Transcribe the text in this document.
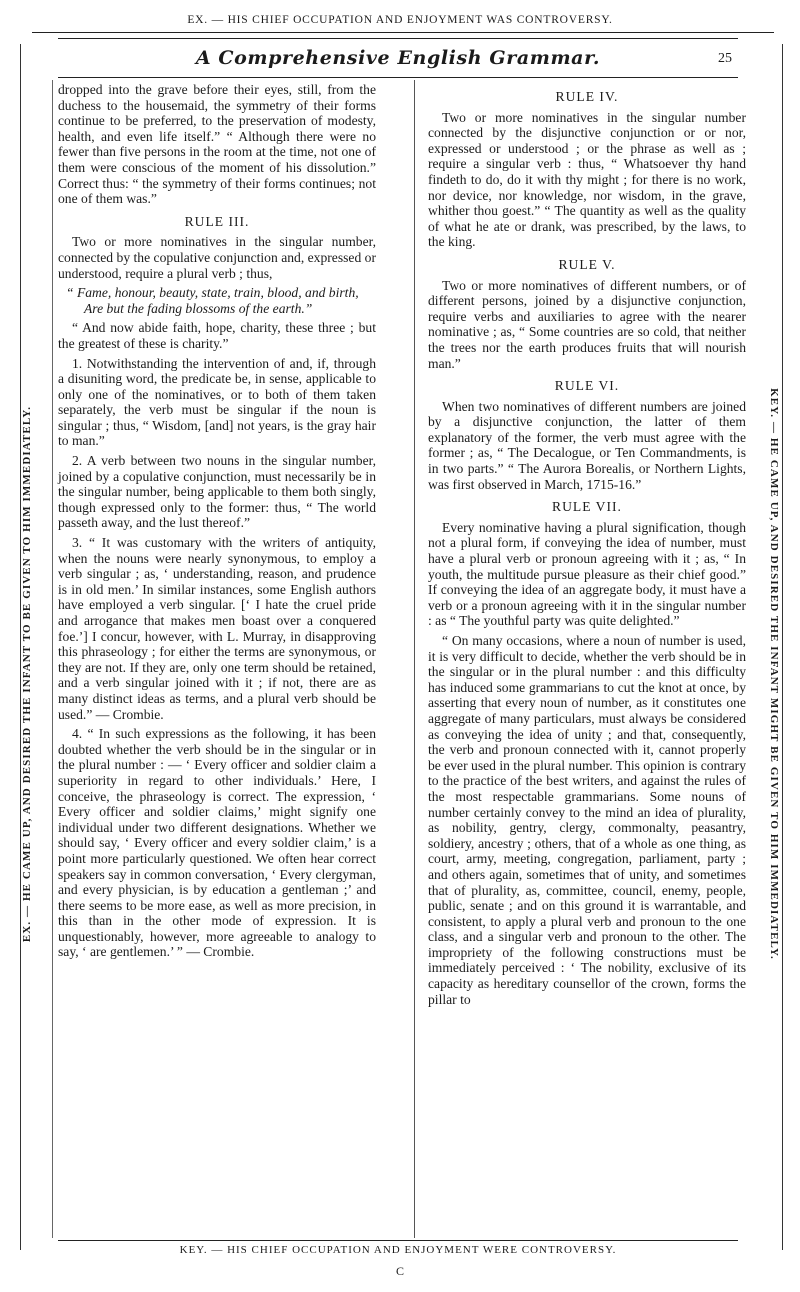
EX. — HIS CHIEF OCCUPATION AND ENJOYMENT WAS CONTROVERSY.
EX. — HE CAME UP, AND DESIRED THE INFANT TO BE GIVEN TO HIM IMMEDIATELY.	KEY. — HE CAME UP, AND DESIRED THE INFANT MIGHT BE GIVEN TO HIM IMMEDIATELY.
A Comprehensive English Grammar.	25

dropped into the grave before their eyes, still, from the duchess to the housemaid, the symmetry of their forms continue to be preferred, to the preservation of modesty, health, and even life itself.” “ Although there were no fewer than five persons in the room at the time, not one of them were conscious of the moment of his dissolution.” Correct thus: “ the symmetry of their forms continues; not one of them was.”

RULE III.

Two or more nominatives in the singular number, connected by the copulative conjunction and, expressed or understood, require a plural verb ; thus,

“ Fame, honour, beauty, state, train, blood, and birth,

Are but the fading blossoms of the earth.”

“ And now abide faith, hope, charity, these three ; but the greatest of these is charity.”

1. Notwithstanding the intervention of and, if, through a disuniting word, the predicate be, in sense, applicable to only one of the nominatives, or to both of them taken separately, the verb must be singular if the noun is singular ; thus, “ Wisdom, [and] not years, is the gray hair to man.”

2. A verb between two nouns in the singular number, joined by a copulative conjunction, must necessarily be in the singular number, being applicable to them both singly, though expressed only to the former: thus, “ The world passeth away, and the lust thereof.”

3. “ It was customary with the writers of antiquity, when the nouns were nearly synonymous, to employ a verb singular ; as, ‘ understanding, reason, and prudence is in old men.’ In similar instances, some English authors have employed a verb singular. [‘ I hate the cruel pride and arrogance that makes men boast over a conquered foe.’] I concur, however, with L. Murray, in disapproving this phraseology ; for either the terms are synonymous, or they are not. If they are, only one term should be retained, and a verb singular joined with it ; if not, there are as many distinct ideas as terms, and a plural verb should be used.” — Crombie.

4. “ In such expressions as the following, it has been doubted whether the verb should be in the singular or in the plural number : — ‘ Every officer and soldier claim a superiority in regard to other individuals.’ Here, I conceive, the phraseology is correct. The expression, ‘ Every officer and soldier claims,’ might signify one individual under two different designations. Whether we should say, ‘ Every officer and every soldier claim,’ is a point more particularly questioned. We often hear correct speakers say in common conversation, ‘ Every clergyman, and every physician, is by education a gentleman ;’ and there seems to be more ease, as well as more precision, in this than in the other mode of expression. It is unquestionably, however, more agreeable to analogy to say, ‘ are gentlemen.’ ” — Crombie.

RULE IV.

Two or more nominatives in the singular number connected by the disjunctive conjunction or or nor, expressed or understood ; or the phrase as well as ; require a singular verb : thus, “ Whatsoever thy hand findeth to do, do it with thy might ; for there is no work, nor device, nor knowledge, nor wisdom, in the grave, whither thou goest.” “ The quantity as well as the quality of what he ate or drank, was prescribed, by the laws, to the king.

RULE V.

Two or more nominatives of different numbers, or of different persons, joined by a disjunctive conjunction, require verbs and auxiliaries to agree with the nearer nominative ; as, “ Some countries are so cold, that neither the trees nor the earth produces fruits that will nourish man.”

RULE VI.

When two nominatives of different numbers are joined by a disjunctive conjunction, the latter of them explanatory of the former, the verb must agree with the former ; as, “ The Decalogue, or Ten Commandments, is in two parts.” “ The Aurora Borealis, or Northern Lights, was first observed in March, 1715-16.”

RULE VII.

Every nominative having a plural signification, though not a plural form, if conveying the idea of number, must have a plural verb or pronoun agreeing with it ; as, “ In youth, the multitude pursue pleasure as their chief good.” If conveying the idea of an aggregate body, it must have a verb or a pronoun agreeing with it in the singular number : as “ The youthful party was quite delighted.”

“ On many occasions, where a noun of number is used, it is very difficult to decide, whether the verb should be in the singular or in the plural number : and this difficulty has induced some grammarians to cut the knot at once, by asserting that every noun of number, as it constitutes one aggregate of many particulars, must always be considered as conveying the idea of unity ; and that, consequently, the verb and pronoun connected with it, cannot properly be ever used in the plural number. This opinion is contrary to the practice of the best writers, and against the rules of the most respectable grammarians. Some nouns of number certainly convey to the mind an idea of plurality, as nobility, gentry, clergy, commonalty, peasantry, soldiery, ancestry ; others, that of a whole as one thing, as court, army, meeting, congregation, parliament, party ; and others again, sometimes that of unity, and sometimes that of plurality, as, committee, council, enemy, people, public, senate ; and on this ground it is warrantable, and consistent, to apply a plural verb and pronoun to the one class, and a singular verb and pronoun to the other. The impropriety of the following constructions must be immediately perceived : ‘ The nobility, exclusive of its capacity as hereditary counsellor of the crown, forms the pillar to

KEY. — HIS CHIEF OCCUPATION AND ENJOYMENT WERE CONTROVERSY.
C
